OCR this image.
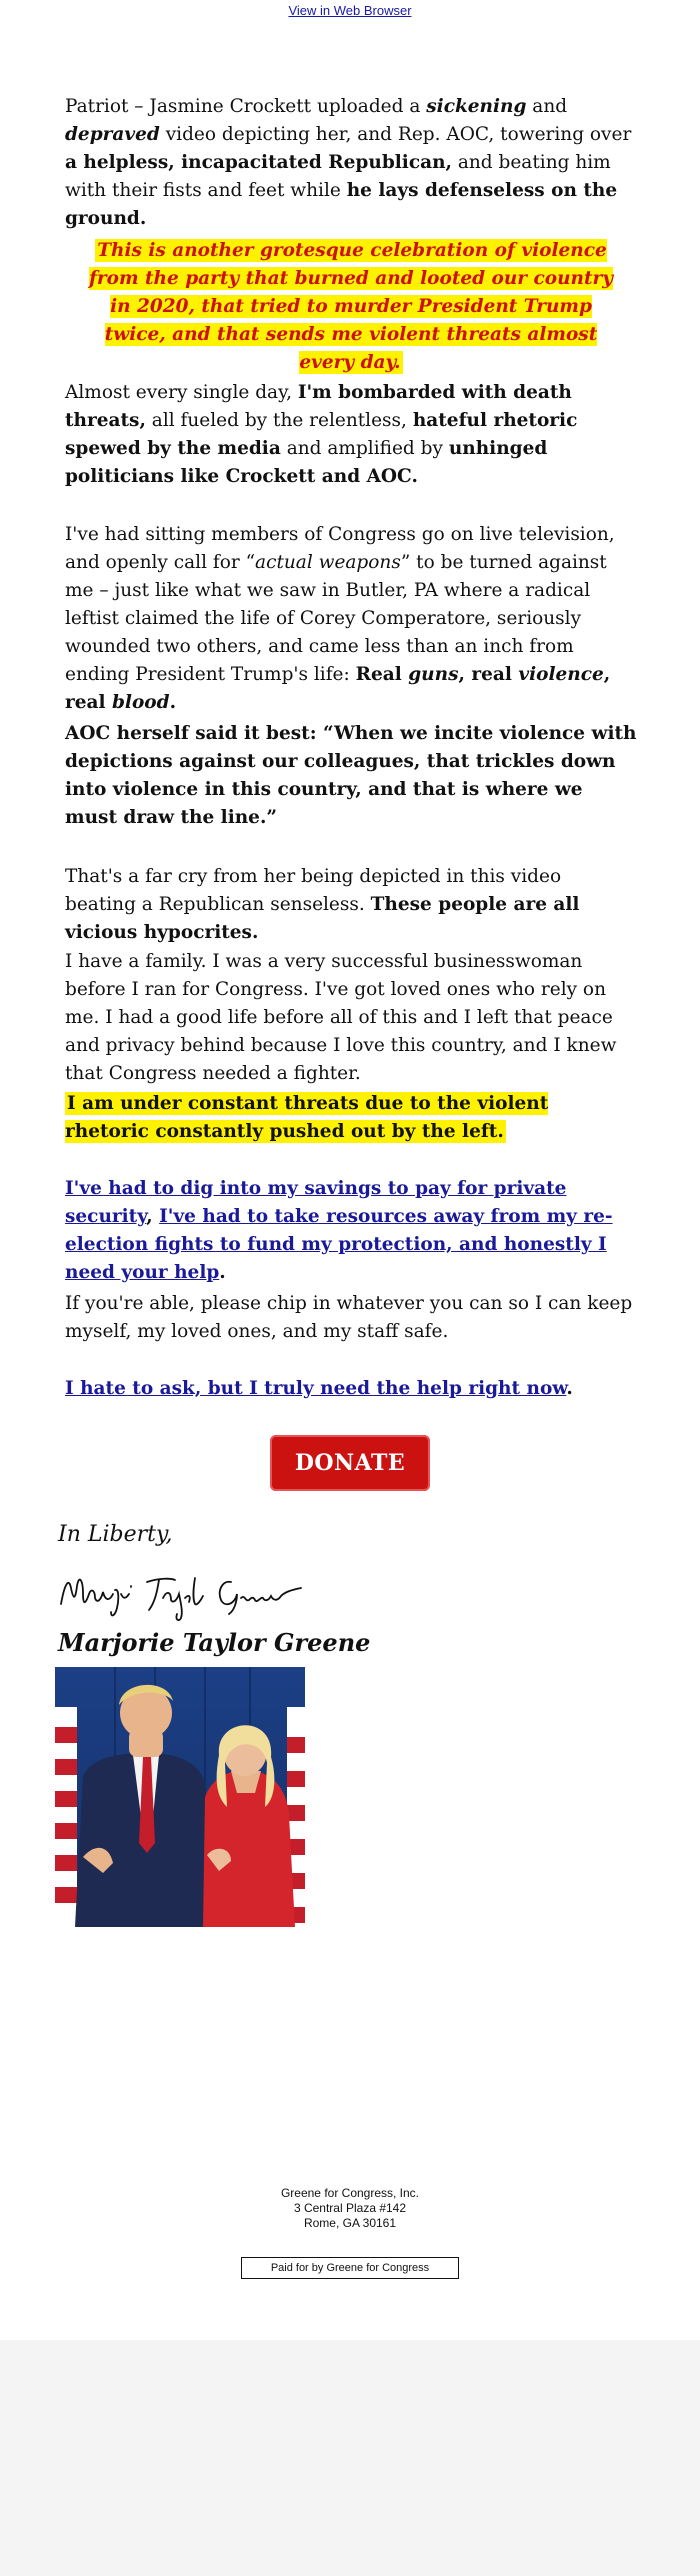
View in Web Browser

Patriot – Jasmine Crockett uploaded a sickening and depraved video depicting her, and Rep. AOC, towering over a helpless, incapacitated Republican, and beating him with their fists and feet while he lays defenseless on the ground.

This is another grotesque celebration of violence from the party that burned and looted our country in 2020, that tried to murder President Trump twice, and that sends me violent threats almost every day.

Almost every single day, I'm bombarded with death threats, all fueled by the relentless, hateful rhetoric spewed by the media and amplified by unhinged politicians like Crockett and AOC.

I've had sitting members of Congress go on live television, and openly call for “actual weapons” to be turned against me – just like what we saw in Butler, PA where a radical leftist claimed the life of Corey Comperatore, seriously wounded two others, and came less than an inch from ending President Trump's life: Real guns, real violence, real blood.

AOC herself said it best: “When we incite violence with depictions against our colleagues, that trickles down into violence in this country, and that is where we must draw the line.”

That's a far cry from her being depicted in this video beating a Republican senseless. These people are all vicious hypocrites.

I have a family. I was a very successful businesswoman before I ran for Congress. I've got loved ones who rely on me. I had a good life before all of this and I left that peace and privacy behind because I love this country, and I knew that Congress needed a fighter.

I am under constant threats due to the violent rhetoric constantly pushed out by the left.

I've had to dig into my savings to pay for private security, I've had to take resources away from my re-election fights to fund my protection, and honestly I need your help.

If you're able, please chip in whatever you can so I can keep myself, my loved ones, and my staff safe.

I hate to ask, but I truly need the help right now.

DONATE
In Liberty,
Marjorie Taylor Greene
Greene for Congress, Inc.
3 Central Plaza #142
Rome, GA 30161
Paid for by Greene for Congress
